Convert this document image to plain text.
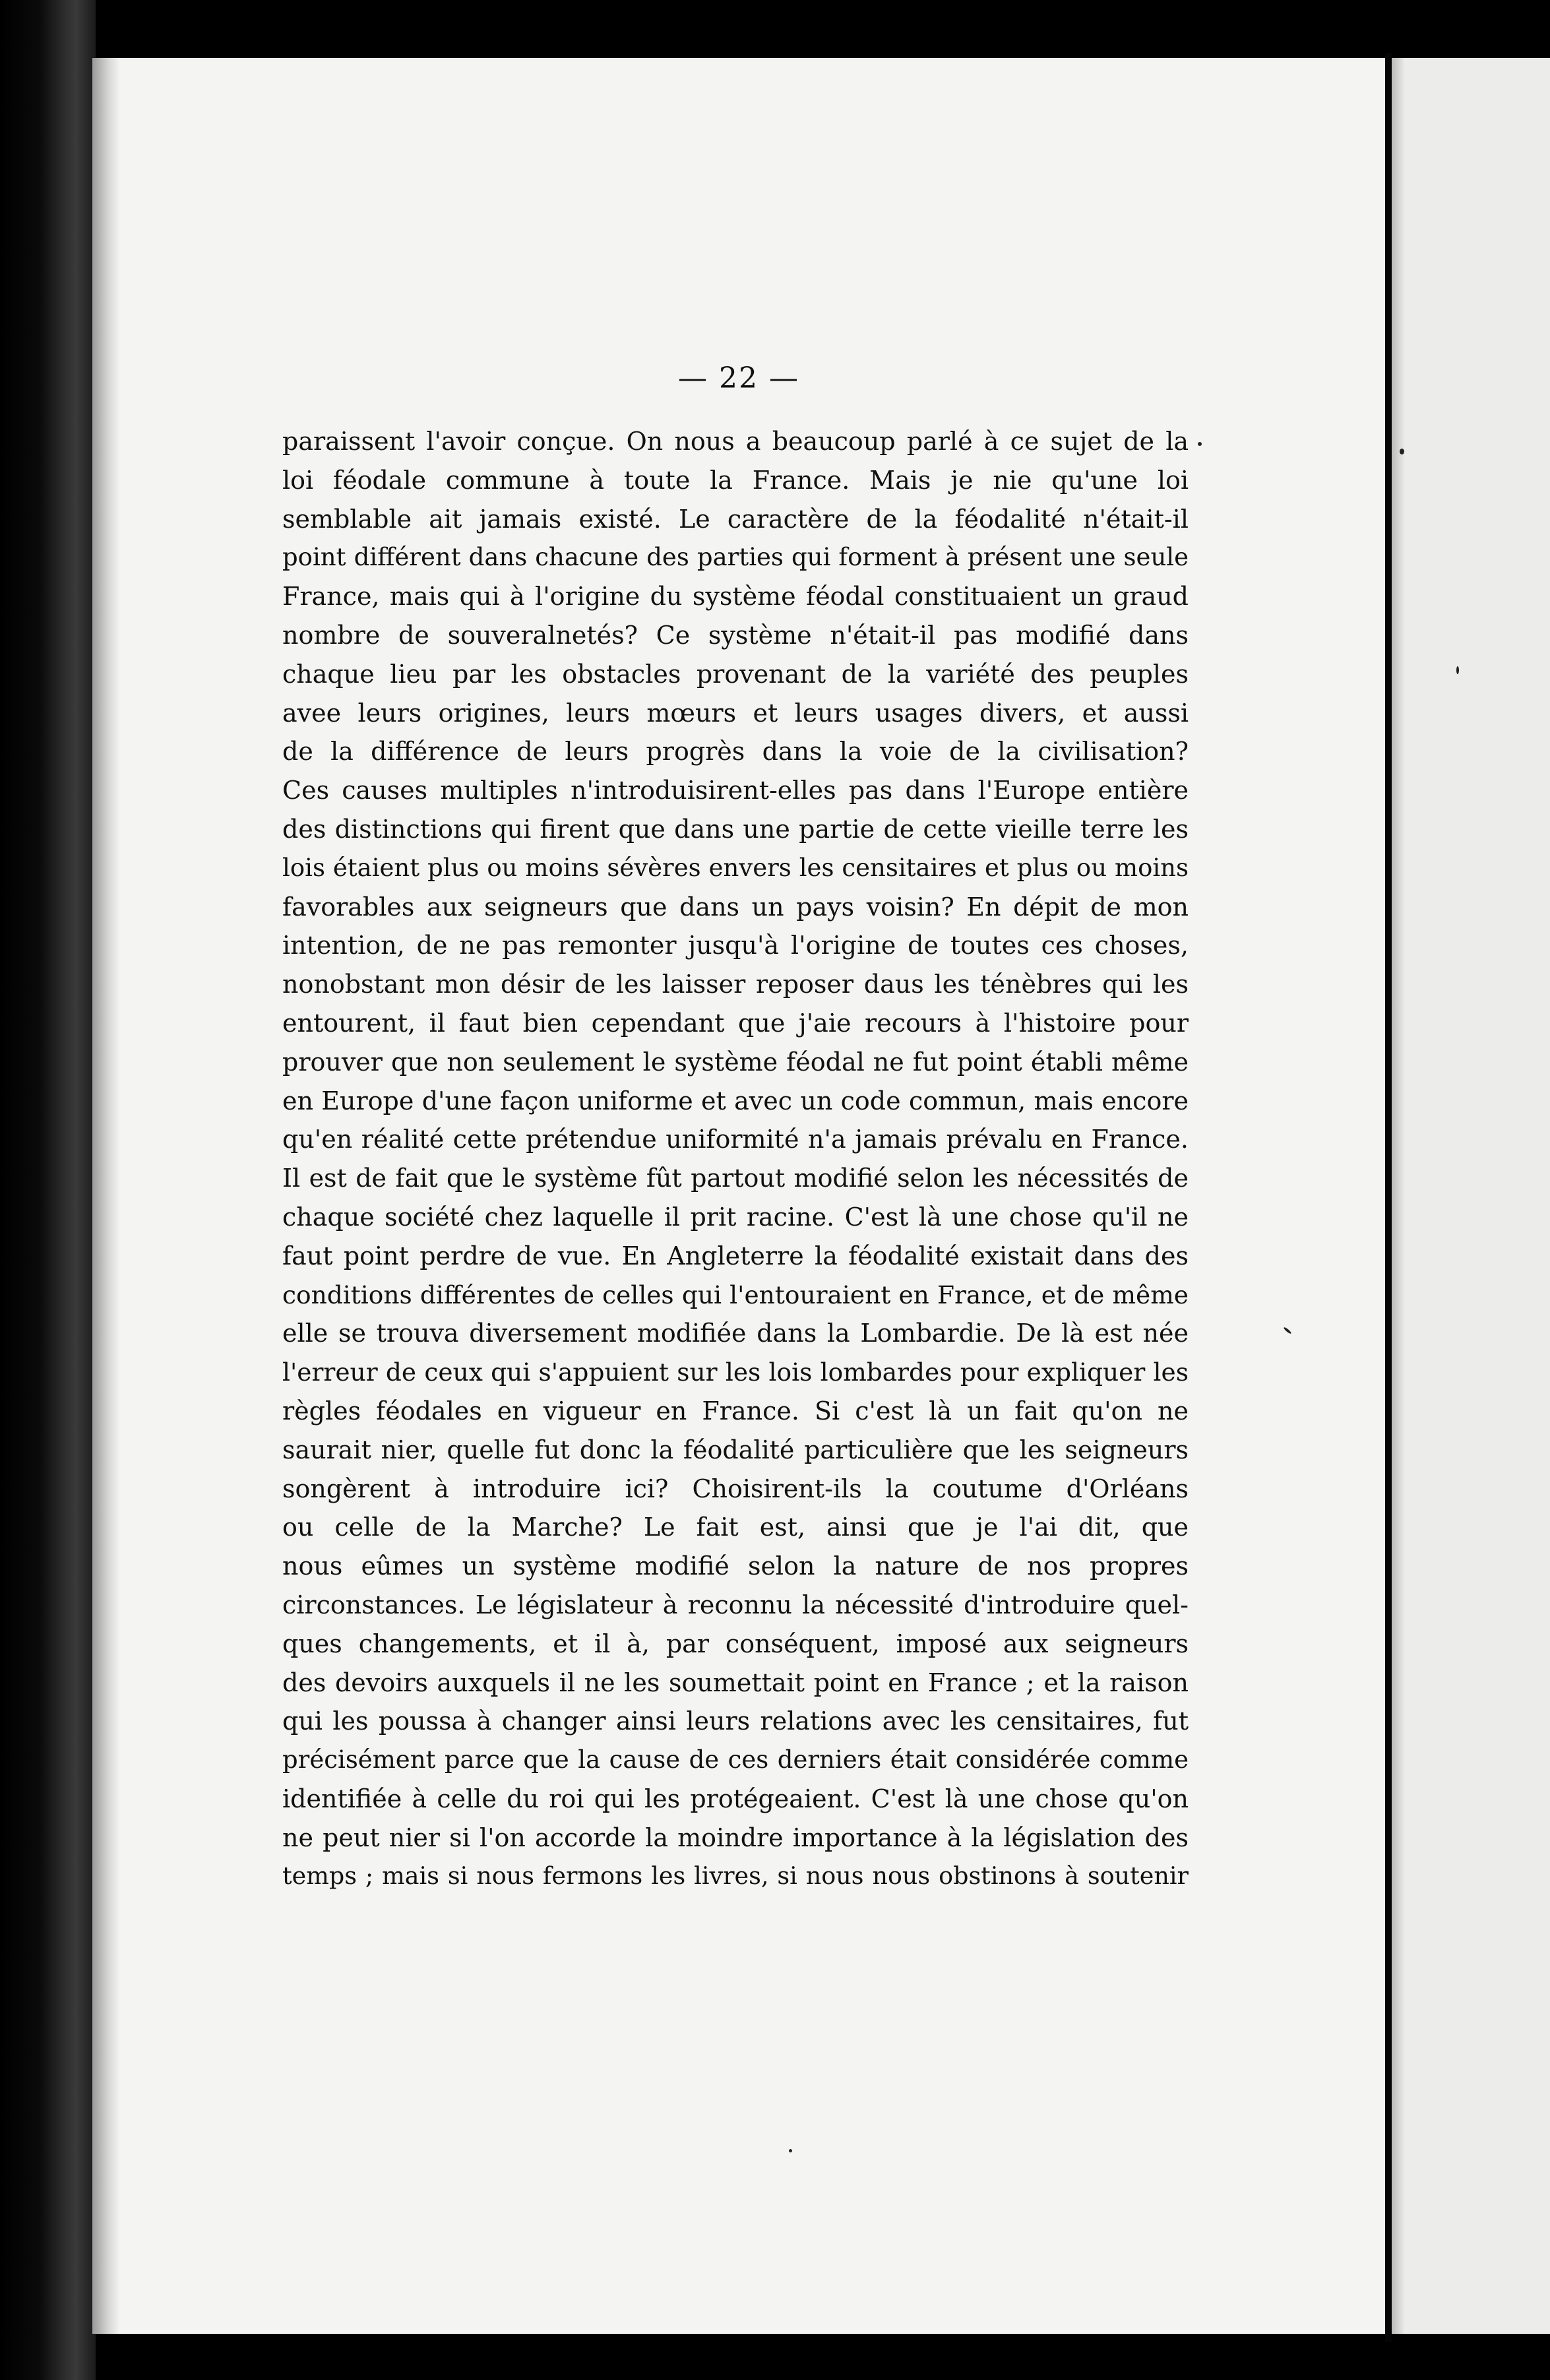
— 22 —
paraissent l'avoir conçue. On nous a beaucoup parlé à ce sujet de la
loi féodale commune à toute la France. Mais je nie qu'une loi
semblable ait jamais existé. Le caractère de la féodalité n'était-il
point différent dans chacune des parties qui forment à présent une seule
France, mais qui à l'origine du système féodal constituaient un graud
nombre de souveralnetés? Ce système n'était-il pas modifié dans
chaque lieu par les obstacles provenant de la variété des peuples
avee leurs origines, leurs mœurs et leurs usages divers, et aussi
de la différence de leurs progrès dans la voie de la civilisation?
Ces causes multiples n'introduisirent-elles pas dans l'Europe entière
des distinctions qui firent que dans une partie de cette vieille terre les
lois étaient plus ou moins sévères envers les censitaires et plus ou moins
favorables aux seigneurs que dans un pays voisin? En dépit de mon
intention, de ne pas remonter jusqu'à l'origine de toutes ces choses,
nonobstant mon désir de les laisser reposer daus les ténèbres qui les
entourent, il faut bien cependant que j'aie recours à l'histoire pour
prouver que non seulement le système féodal ne fut point établi même
en Europe d'une façon uniforme et avec un code commun, mais encore
qu'en réalité cette prétendue uniformité n'a jamais prévalu en France.
Il est de fait que le système fût partout modifié selon les nécessités de
chaque société chez laquelle il prit racine. C'est là une chose qu'il ne
faut point perdre de vue. En Angleterre la féodalité existait dans des
conditions différentes de celles qui l'entouraient en France, et de même
elle se trouva diversement modifiée dans la Lombardie. De là est née
l'erreur de ceux qui s'appuient sur les lois lombardes pour expliquer les
règles féodales en vigueur en France. Si c'est là un fait qu'on ne
saurait nier, quelle fut donc la féodalité particulière que les seigneurs
songèrent à introduire ici? Choisirent-ils la coutume d'Orléans
ou celle de la Marche? Le fait est, ainsi que je l'ai dit, que
nous eûmes un système modifié selon la nature de nos propres
circonstances. Le législateur à reconnu la nécessité d'introduire quel-
ques changements, et il à, par conséquent, imposé aux seigneurs
des devoirs auxquels il ne les soumettait point en France ; et la raison
qui les poussa à changer ainsi leurs relations avec les censitaires, fut
précisément parce que la cause de ces derniers était considérée comme
identifiée à celle du roi qui les protégeaient. C'est là une chose qu'on
ne peut nier si l'on accorde la moindre importance à la législation des
temps ; mais si nous fermons les livres, si nous nous obstinons à soutenir
